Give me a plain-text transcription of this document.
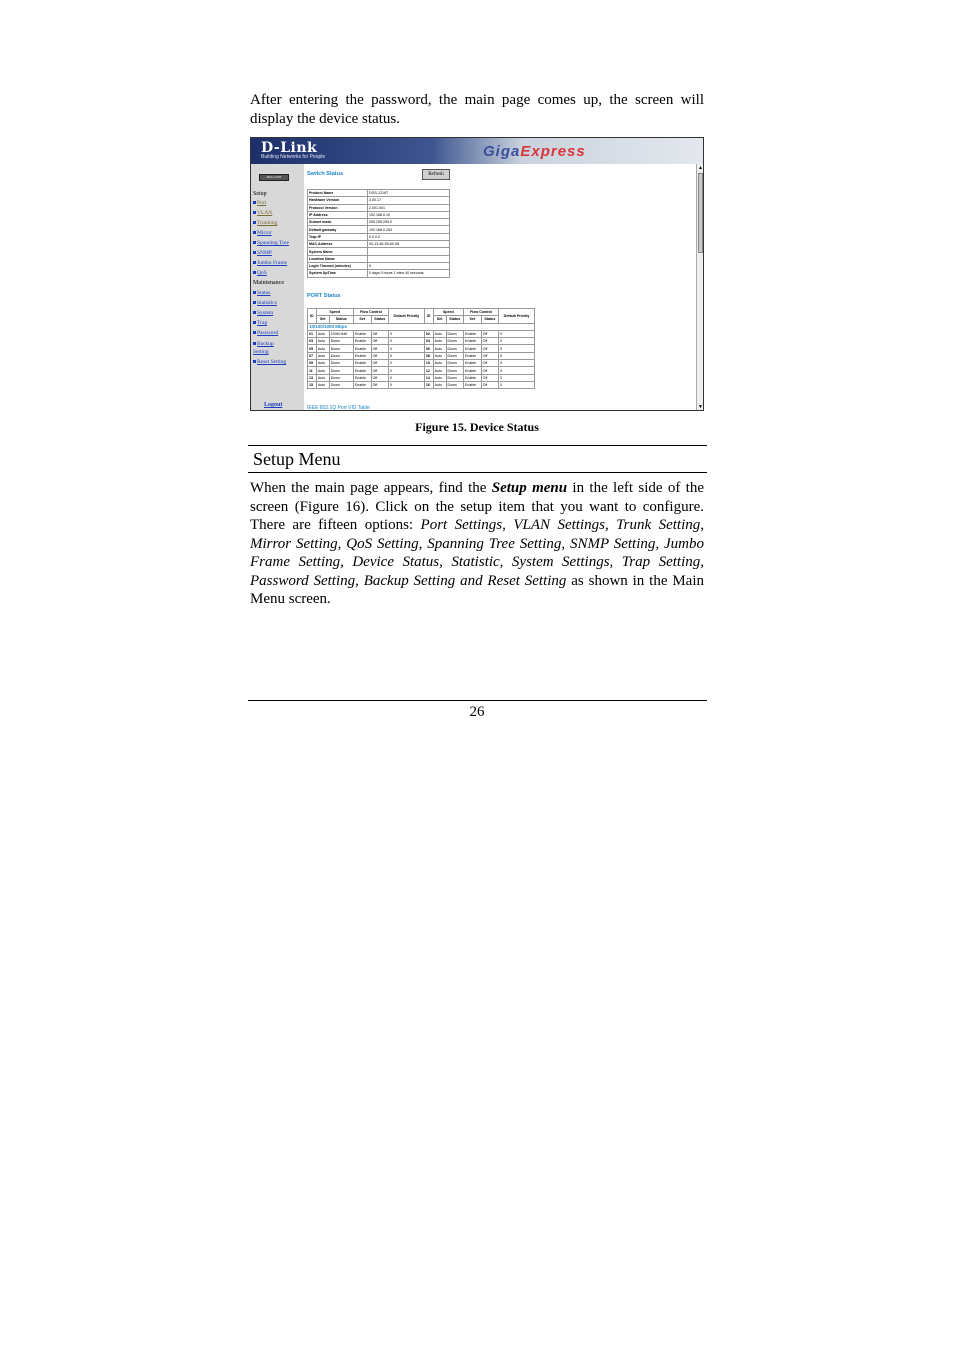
After entering the password, the main page comes up, the screen will display the device status.
D-Link
Building Networks for People	GigaExpress
DGS-1216T
Setup
Port
VLAN
Trunking
Mirror
Spanning Tree
SNMP
Jumbo Frame
QoS
Maintenance
Status
Statistics
System
Trap
Password
Backup Setting
Reset Setting
Logout
Switch Status	Refresh
Product Name	DGS-1216T
Hardware Version	3.00.17
Protocol Version	2.001.001
IP Address	192.168.0.10
Subnet mask	255.255.255.0
Default gateway	192.168.0.254
Trap IP	0.0.0.0
MAC Address	00-13-46-99-69-08
System Name	
Location Name	
Login Timeout (minutes)	5
System UpTime	0 days 0 hours 1 mins 40 seconds
PORT Status
ID	Speed		Flow Control		Default Priority	ID	Speed		Flow Control		Default Priority
	Set	Status	Set	Status			Set	Status	Set	Status	
10/100/1000 Mbps											
01	Auto	100M Half	Enable	Off	0	02	Auto	Down	Enable	Off	0
03	Auto	Down	Enable	Off	0	04	Auto	Down	Enable	Off	0
05	Auto	Down	Enable	Off	0	06	Auto	Down	Enable	Off	0
07	Auto	Down	Enable	Off	0	08	Auto	Down	Enable	Off	0
09	Auto	Down	Enable	Off	0	10	Auto	Down	Enable	Off	0
11	Auto	Down	Enable	Off	0	12	Auto	Down	Enable	Off	0
13	Auto	Down	Enable	Off	0	14	Auto	Down	Enable	Off	0
15	Auto	Down	Enable	Off	0	16	Auto	Down	Enable	Off	0
IEEE 802.1Q Port VID Table
▲
▼
Figure 15. Device Status
Setup Menu
When the main page appears, find the Setup menu in the left side of the screen (Figure 16). Click on the setup item that you want to configure. There are fifteen options: Port Settings, VLAN Settings, Trunk Setting, Mirror Setting, QoS Setting, Spanning Tree Setting, SNMP Setting, Jumbo Frame Setting, Device Status, Statistic, System Settings, Trap Setting, Password Setting, Backup Setting and Reset Setting as shown in the Main Menu screen.
26
